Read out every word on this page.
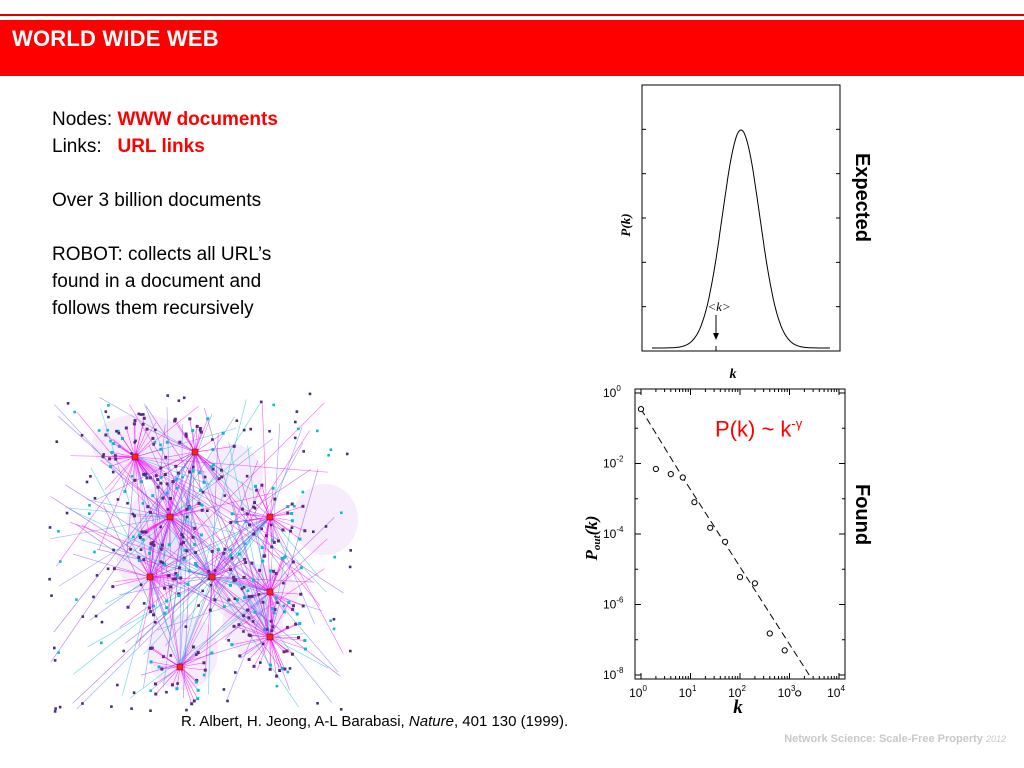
WORLD WIDE WEB
Nodes: WWW documents
Links: URL links
Over 3 billion documents
ROBOT: collects all URL’s
found in a document and
follows them recursively
P(k)
k
<k>
Expected
$10^0$	$10^1$	$10^2$	$10^3$	$10^4$
$10^0$
$10^{-2}$
$10^{-4}$
$10^{-6}$
$10^{-8}$
Pout(k)
k
P(k) ~ $k^{-\gamma}$
Found
R. Albert, H. Jeong, A-L Barabasi, Nature, 401 130 (1999).
Network Science: Scale-Free Property 2012
